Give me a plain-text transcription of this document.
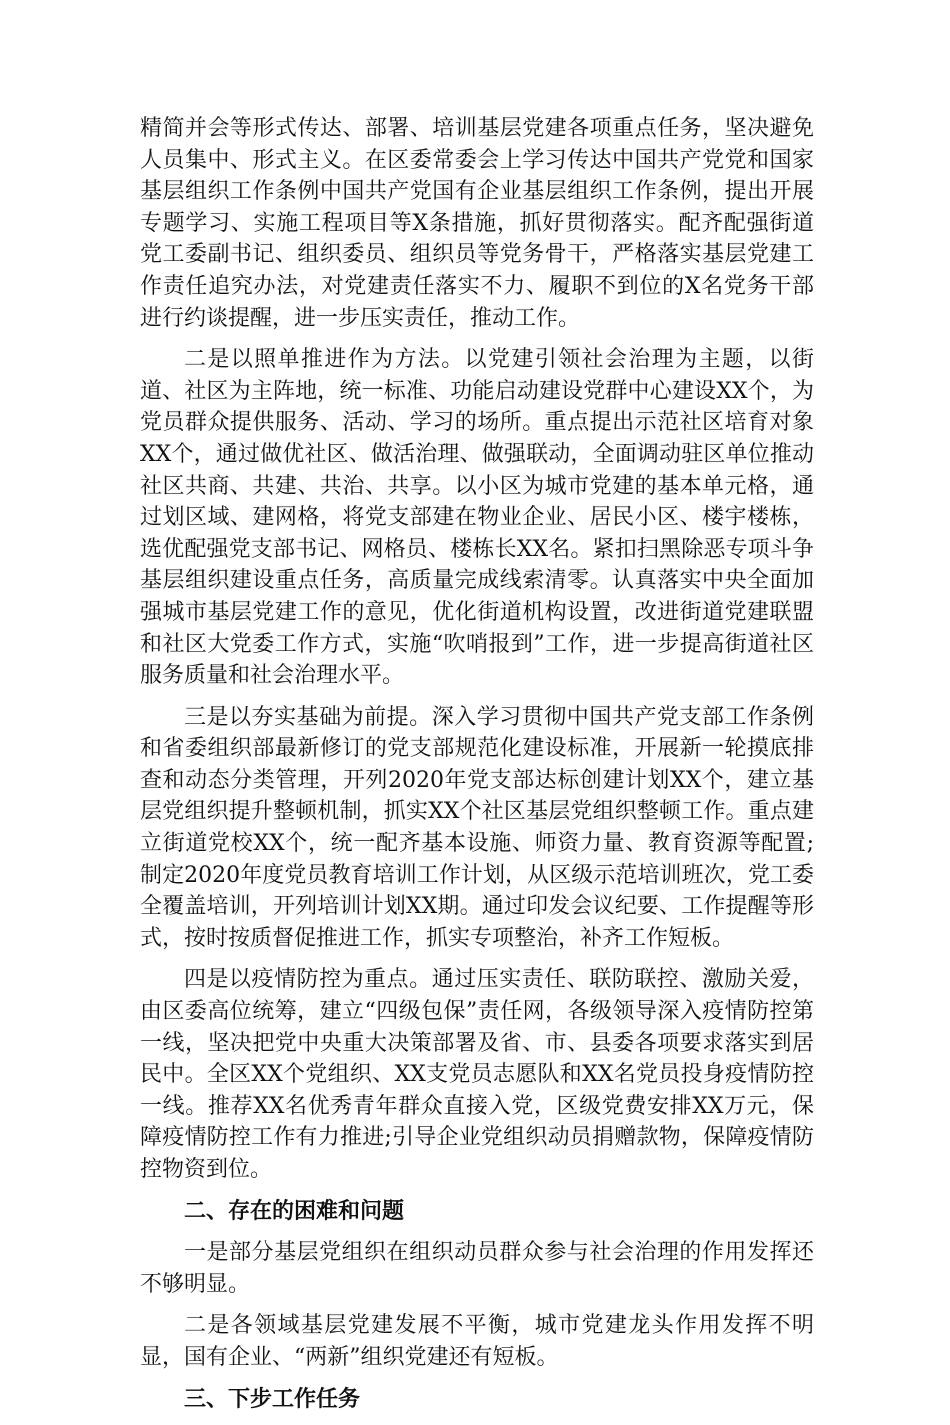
精简并会等形式传达、部署、培训基层党建各项重点任务，坚决避免人员集中、形式主义。在区委常委会上学习传达中国共产党党和国家基层组织工作条例中国共产党国有企业基层组织工作条例，提出开展专题学习、实施工程项目等X条措施，抓好贯彻落实。配齐配强街道党工委副书记、组织委员、组织员等党务骨干，严格落实基层党建工作责任追究办法，对党建责任落实不力、履职不到位的X名党务干部进行约谈提醒，进一步压实责任，推动工作。

二是以照单推进作为方法。以党建引领社会治理为主题，以街道、社区为主阵地，统一标准、功能启动建设党群中心建设XX个，为党员群众提供服务、活动、学习的场所。重点提出示范社区培育对象XX个，通过做优社区、做活治理、做强联动，全面调动驻区单位推动社区共商、共建、共治、共享。以小区为城市党建的基本单元格，通过划区域、建网格，将党支部建在物业企业、居民小区、楼宇楼栋，选优配强党支部书记、网格员、楼栋长XX名。紧扣扫黑除恶专项斗争基层组织建设重点任务，高质量完成线索清零。认真落实中央全面加强城市基层党建工作的意见，优化街道机构设置，改进街道党建联盟和社区大党委工作方式，实施“吹哨报到”工作，进一步提高街道社区服务质量和社会治理水平。

三是以夯实基础为前提。深入学习贯彻中国共产党支部工作条例和省委组织部最新修订的党支部规范化建设标准，开展新一轮摸底排查和动态分类管理，开列2020年党支部达标创建计划XX个，建立基层党组织提升整顿机制，抓实XX个社区基层党组织整顿工作。重点建立街道党校XX个，统一配齐基本设施、师资力量、教育资源等配置;制定2020年度党员教育培训工作计划，从区级示范培训班次，党工委全覆盖培训，开列培训计划XX期。通过印发会议纪要、工作提醒等形式，按时按质督促推进工作，抓实专项整治，补齐工作短板。

四是以疫情防控为重点。通过压实责任、联防联控、激励关爱，由区委高位统筹，建立“四级包保”责任网，各级领导深入疫情防控第一线，坚决把党中央重大决策部署及省、市、县委各项要求落实到居民中。全区XX个党组织、XX支党员志愿队和XX名党员投身疫情防控一线。推荐XX名优秀青年群众直接入党，区级党费安排XX万元，保障疫情防控工作有力推进;引导企业党组织动员捐赠款物，保障疫情防控物资到位。

二、存在的困难和问题

一是部分基层党组织在组织动员群众参与社会治理的作用发挥还不够明显。

二是各领域基层党建发展不平衡，城市党建龙头作用发挥不明显，国有企业、“两新”组织党建还有短板。

三、下步工作任务
